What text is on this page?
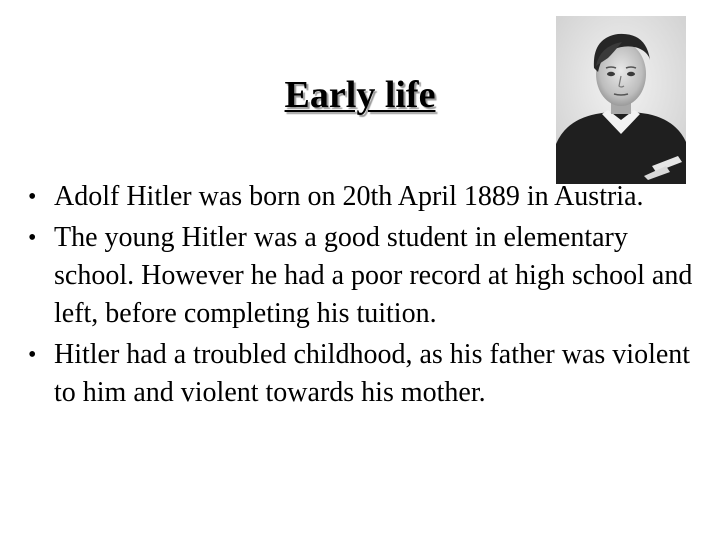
Early life
• Adolf Hitler was born on 20th April 1889 in Austria.
• The young Hitler was a good student in elementary school. However he had a poor record at high school and left, before completing his tuition.
• Hitler had a troubled childhood, as his father was violent to him and violent towards his mother.
